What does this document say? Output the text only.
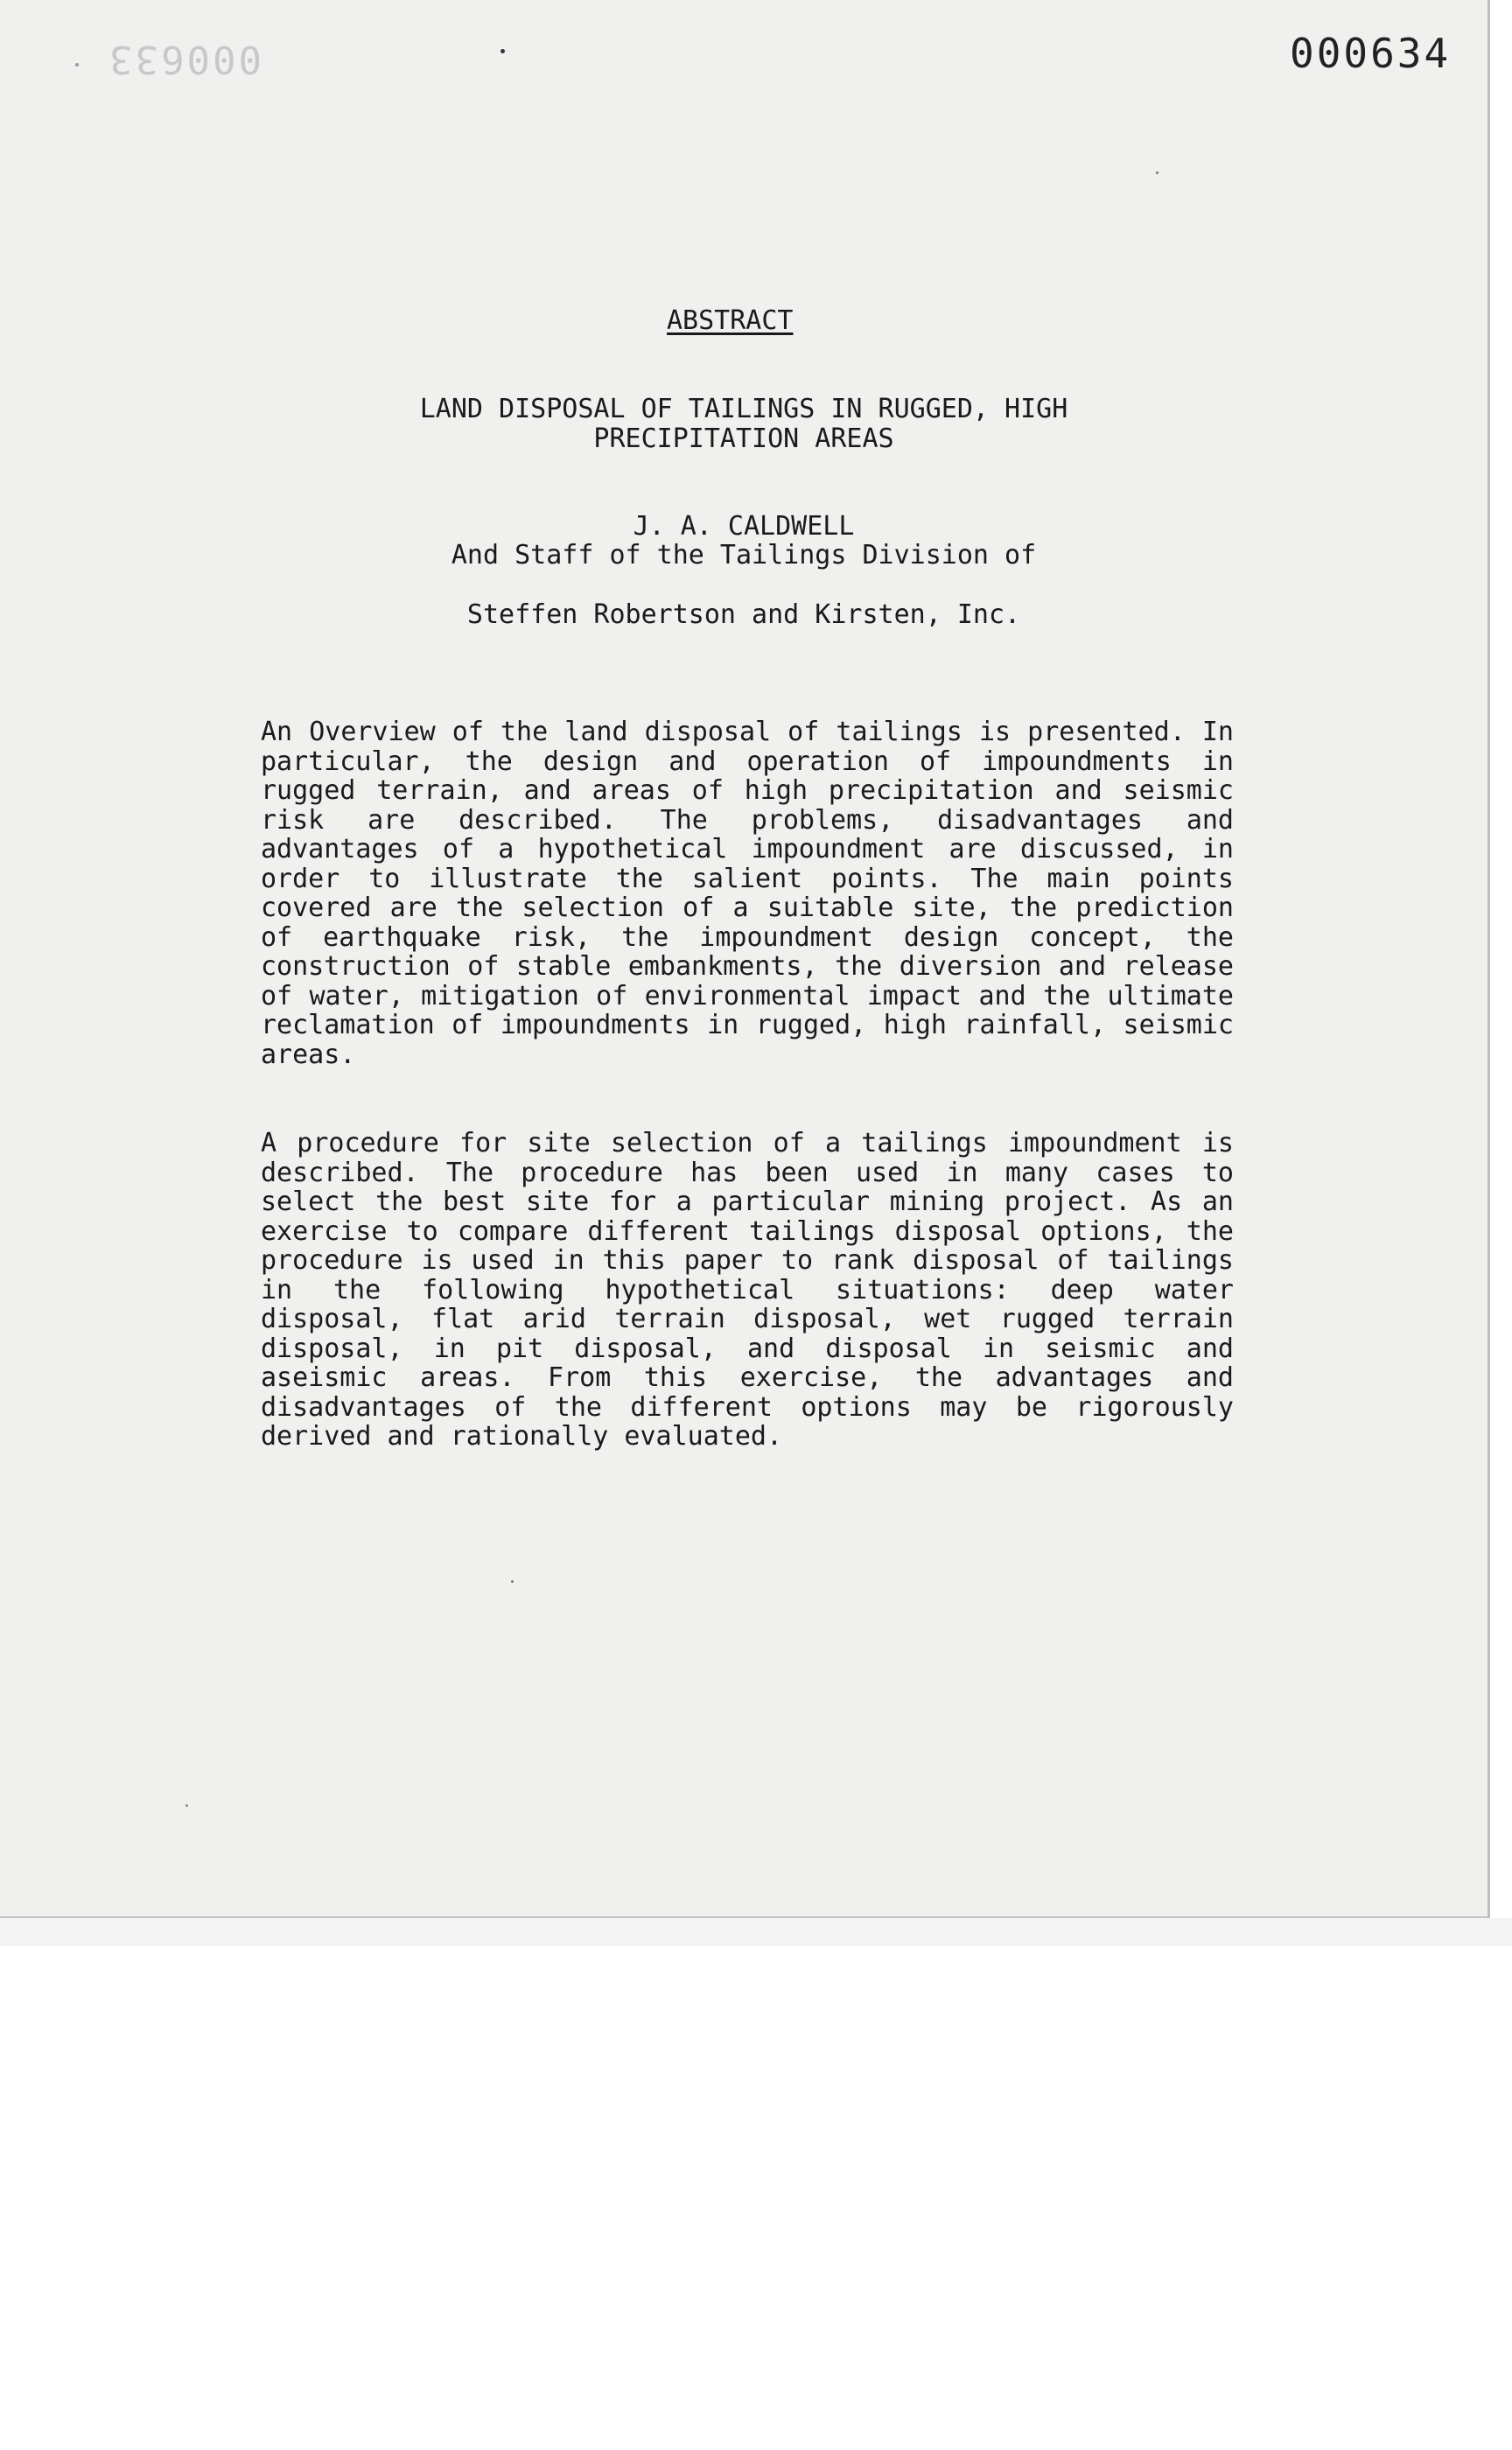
000633	000634
ABSTRACT
LAND DISPOSAL OF TAILINGS IN RUGGED, HIGH
PRECIPITATION AREAS
J. A. CALDWELL
And Staff of the Tailings Division of
Steffen Robertson and Kirsten, Inc.

An Overview of the land disposal of tailings is presented. In particular, the design and operation of impoundments in rugged terrain, and areas of high precipitation and seismic risk are described. The problems, disadvantages and advantages of a hypothetical impoundment are discussed, in order to illustrate the salient points. The main points covered are the selection of a suitable site, the prediction of earthquake risk, the impoundment design concept, the construction of stable embankments, the diversion and release of water, mitigation of environmental impact and the ultimate reclamation of impoundments in rugged, high rainfall, seismic areas.

A procedure for site selection of a tailings impoundment is described. The procedure has been used in many cases to select the best site for a particular mining project. As an exercise to compare different tailings disposal options, the procedure is used in this paper to rank disposal of tailings in the following hypothetical situations: deep water disposal, flat arid terrain disposal, wet rugged terrain disposal, in pit disposal, and disposal in seismic and aseismic areas. From this exercise, the advantages and disadvantages of the different options may be rigorously derived and rationally evaluated.
